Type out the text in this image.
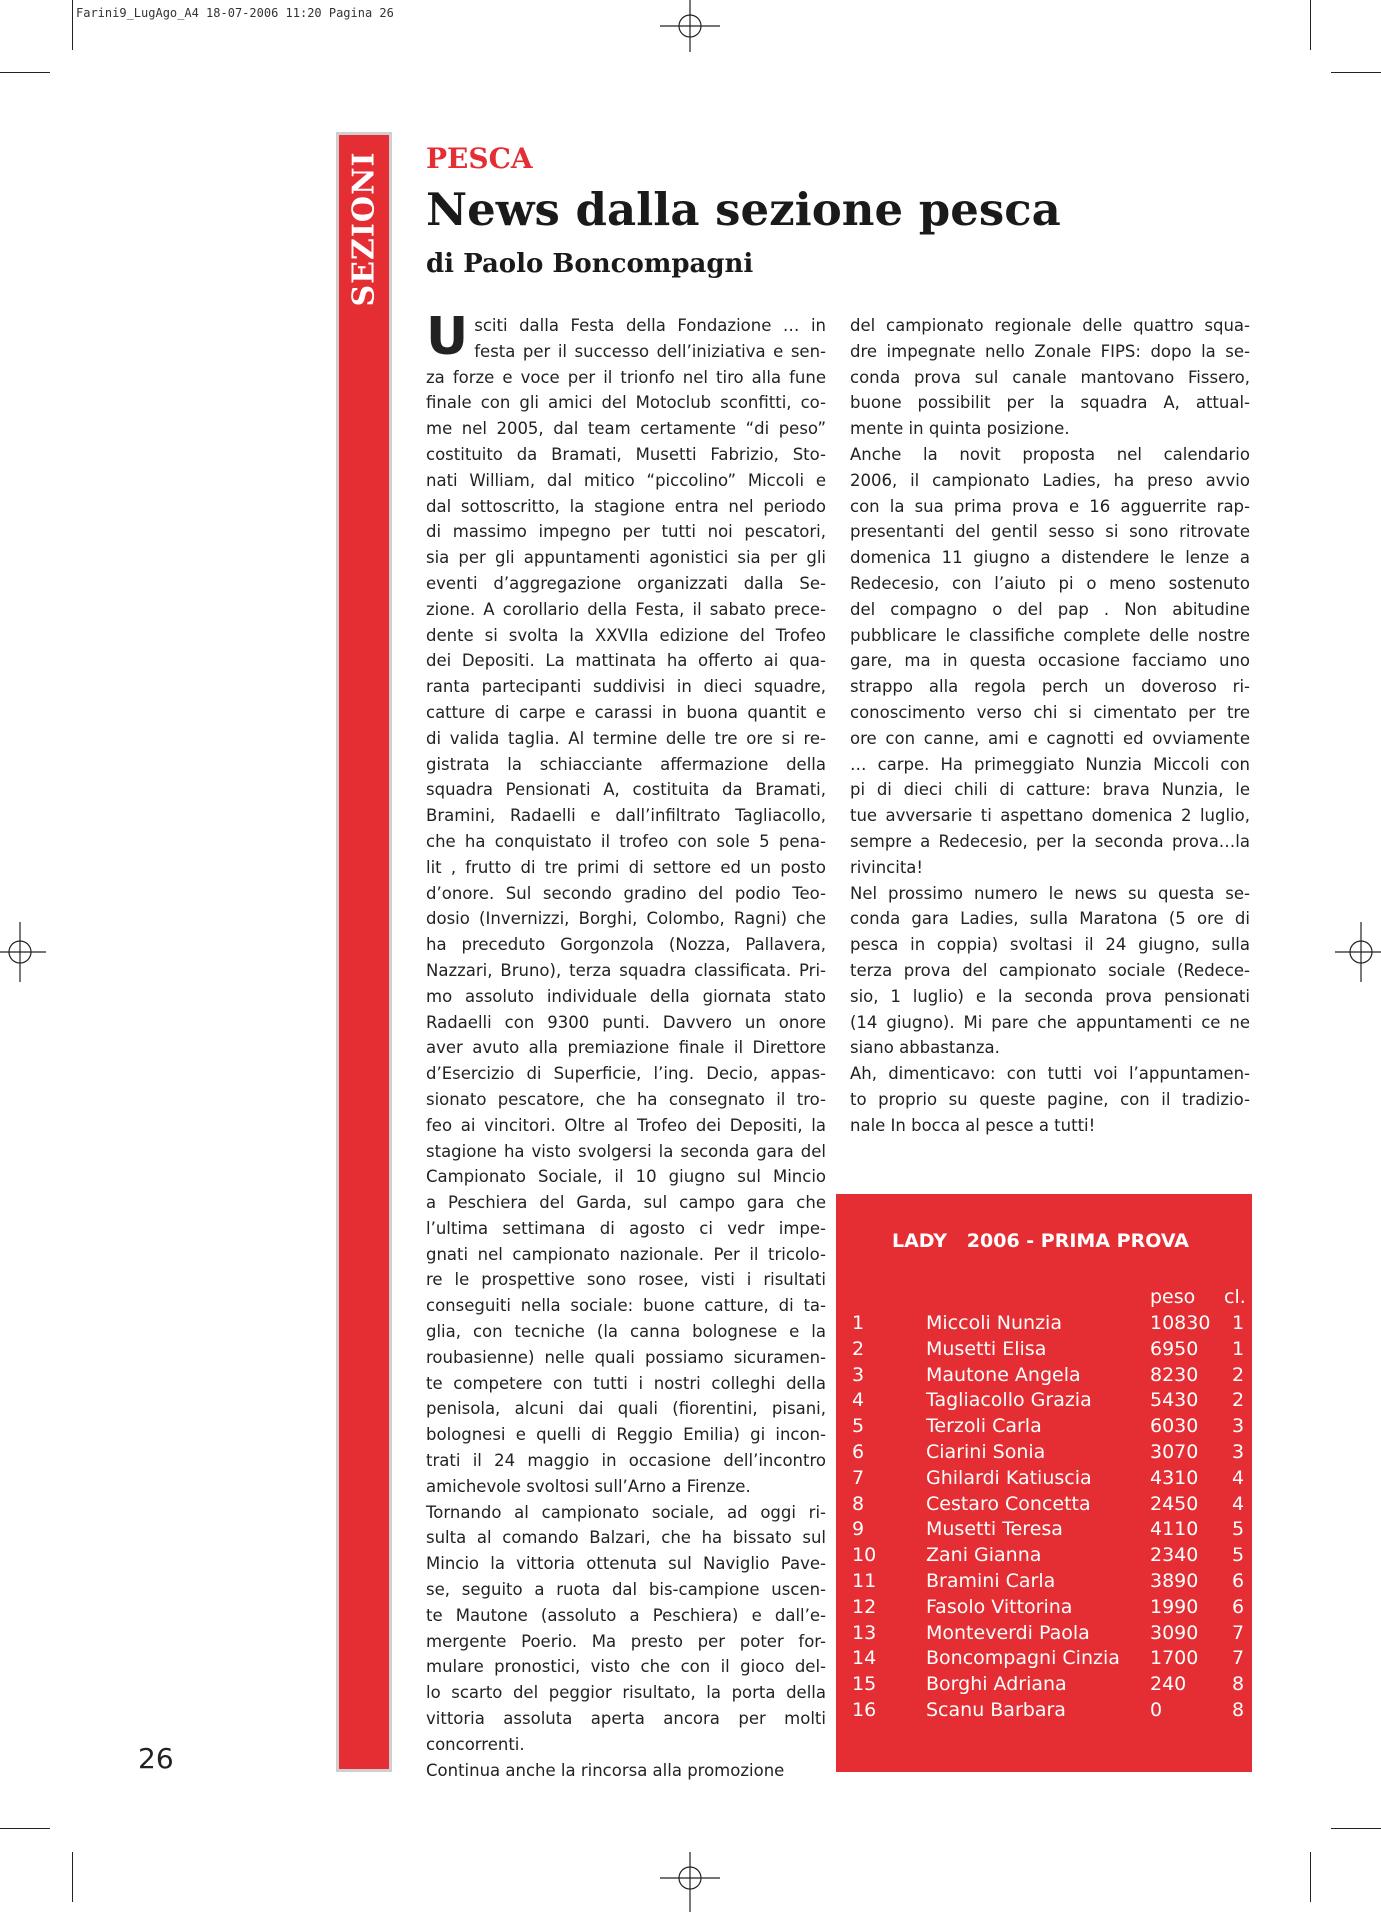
Farini9_LugAgo_A4 18-07-2006 11:20 Pagina 26
SEZIONI PESCA
News dalla sezione pesca
di Paolo Boncompagni
U sciti dalla Festa della Fondazione … in
festa per il successo dell’iniziativa e sen-
za forze e voce per il trionfo nel tiro alla fune
finale con gli amici del Motoclub sconfitti, co-
me nel 2005, dal team certamente “di peso”
costituito da Bramati, Musetti Fabrizio, Sto-
nati William, dal mitico “piccolino” Miccoli e
dal sottoscritto, la stagione entra nel periodo
di massimo impegno per tutti noi pescatori,
sia per gli appuntamenti agonistici sia per gli
eventi d’aggregazione organizzati dalla Se-
zione. A corollario della Festa, il sabato prece-
dente si svolta la XXVIIa edizione del Trofeo
dei Depositi. La mattinata ha offerto ai qua-
ranta partecipanti suddivisi in dieci squadre,
catture di carpe e carassi in buona quantit e
di valida taglia. Al termine delle tre ore si re-
gistrata la schiacciante affermazione della
squadra Pensionati A, costituita da Bramati,
Bramini, Radaelli e dall’infiltrato Tagliacollo,
che ha conquistato il trofeo con sole 5 pena-
lit , frutto di tre primi di settore ed un posto
d’onore. Sul secondo gradino del podio Teo-
dosio (Invernizzi, Borghi, Colombo, Ragni) che
ha preceduto Gorgonzola (Nozza, Pallavera,
Nazzari, Bruno), terza squadra classificata. Pri-
mo assoluto individuale della giornata stato
Radaelli con 9300 punti. Davvero un onore
aver avuto alla premiazione finale il Direttore
d’Esercizio di Superficie, l’ing. Decio, appas-
sionato pescatore, che ha consegnato il tro-
feo ai vincitori. Oltre al Trofeo dei Depositi, la
stagione ha visto svolgersi la seconda gara del
Campionato Sociale, il 10 giugno sul Mincio
a Peschiera del Garda, sul campo gara che
l’ultima settimana di agosto ci vedr impe-
gnati nel campionato nazionale. Per il tricolo-
re le prospettive sono rosee, visti i risultati
conseguiti nella sociale: buone catture, di ta-
glia, con tecniche (la canna bolognese e la
roubasienne) nelle quali possiamo sicuramen-
te competere con tutti i nostri colleghi della
penisola, alcuni dai quali (fiorentini, pisani,
bolognesi e quelli di Reggio Emilia) gi incon-
trati il 24 maggio in occasione dell’incontro
amichevole svoltosi sull’Arno a Firenze.
Tornando al campionato sociale, ad oggi ri-
sulta al comando Balzari, che ha bissato sul
Mincio la vittoria ottenuta sul Naviglio Pave-
se, seguito a ruota dal bis-campione uscen-
te Mautone (assoluto a Peschiera) e dall’e-
mergente Poerio. Ma presto per poter for-
mulare pronostici, visto che con il gioco del-
lo scarto del peggior risultato, la porta della
vittoria assoluta aperta ancora per molti
concorrenti.
Continua anche la rincorsa alla promozione
del campionato regionale delle quattro squa-
dre impegnate nello Zonale FIPS: dopo la se-
conda prova sul canale mantovano Fissero,
buone possibilit per la squadra A, attual-
mente in quinta posizione.
Anche la novit proposta nel calendario
2006, il campionato Ladies, ha preso avvio
con la sua prima prova e 16 agguerrite rap-
presentanti del gentil sesso si sono ritrovate
domenica 11 giugno a distendere le lenze a
Redecesio, con l’aiuto pi o meno sostenuto
del compagno o del pap . Non abitudine
pubblicare le classifiche complete delle nostre
gare, ma in questa occasione facciamo uno
strappo alla regola perch un doveroso ri-
conoscimento verso chi si cimentato per tre
ore con canne, ami e cagnotti ed ovviamente
… carpe. Ha primeggiato Nunzia Miccoli con
pi di dieci chili di catture: brava Nunzia, le
tue avversarie ti aspettano domenica 2 luglio,
sempre a Redecesio, per la seconda prova…la
rivincita!
Nel prossimo numero le news su questa se-
conda gara Ladies, sulla Maratona (5 ore di
pesca in coppia) svoltasi il 24 giugno, sulla
terza prova del campionato sociale (Redece-
sio, 1 luglio) e la seconda prova pensionati
(14 giugno). Mi pare che appuntamenti ce ne
siano abbastanza.
Ah, dimenticavo: con tutti voi l’appuntamen-
to proprio su queste pagine, con il tradizio-
nale In bocca al pesce a tutti!
26
LADY   2006 - PRIMA PROVA
peso cl.
1	Miccoli Nunzia	10830 1
2	Musetti Elisa	6950 1
3	Mautone Angela	8230 2
4	Tagliacollo Grazia	5430 2
5	Terzoli Carla	6030 3
6	Ciarini Sonia	3070 3
7	Ghilardi Katiuscia	4310 4
8	Cestaro Concetta	2450 4
9	Musetti Teresa	4110 5
10	Zani Gianna	2340 5
11	Bramini Carla	3890 6
12	Fasolo Vittorina	1990 6
13	Monteverdi Paola	3090 7
14	Boncompagni Cinzia 1700 7
15	Borghi Adriana	240 8
16	Scanu Barbara	0	8
